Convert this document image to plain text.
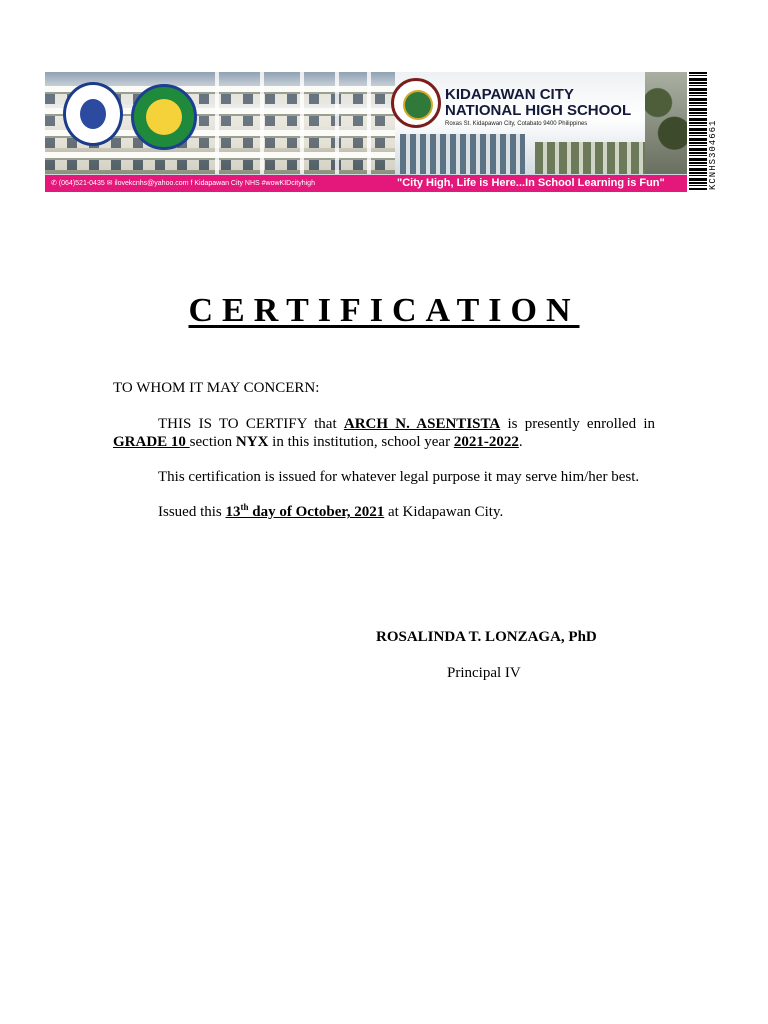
KIDAPAWAN CITY
NATIONAL HIGH SCHOOL
Roxas St. Kidapawan City, Cotabato 9400 Philippines
✆ (064)521-0435 ✉ ilovekcnhs@yahoo.com f Kidapawan City NHS #wowKIDcityhigh	"City High, Life is Here...In School Learning is Fun"	KCNHS304661
CERTIFICATION
TO WHOM IT MAY CONCERN:
THIS IS TO CERTIFY that ARCH N. ASENTISTA is presently enrolled in GRADE 10 section NYX in this institution, school year 2021-2022.
This certification is issued for whatever legal purpose it may serve him/her best.
Issued this 13th day of October, 2021 at Kidapawan City.
ROSALINDA T. LONZAGA, PhD
Principal IV
